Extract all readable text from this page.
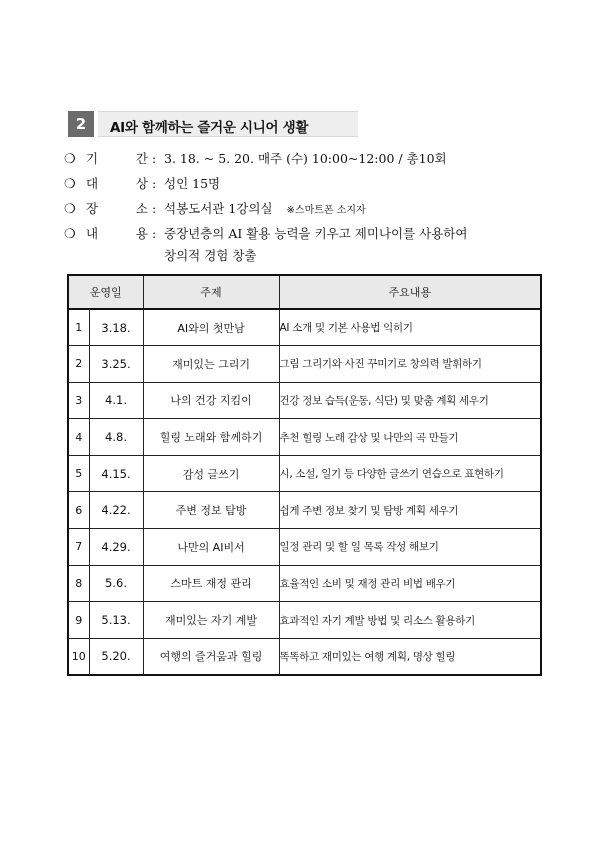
2	AI와 함께하는 즐거운 시니어 생활
❍ 기	간 : 3. 18. ~ 5. 20. 매주 (수) 10:00~12:00 / 총10회
❍ 대	상 : 성인 15명
❍ 장	소 : 석봉도서관 1강의실 ※스마트폰 소지자
❍ 내	용 : 중장년층의 AI 활용 능력을 키우고 제미나이를 사용하여
창의적 경험 창출
운영일		주제	주요내용
1	3.18.	AI와의 첫만남	AI 소개 및 기본 사용법 익히기
2	3.25.	재미있는 그리기	그림 그리기와 사진 꾸미기로 창의력 발휘하기
3	4.1.	나의 건강 지킴이	건강 정보 습득(운동, 식단) 및 맞춤 계획 세우기
4	4.8.	힐링 노래와 함께하기	추천 힐링 노래 감상 및 나만의 곡 만들기
5	4.15.	감성 글쓰기	시, 소설, 일기 등 다양한 글쓰기 연습으로 표현하기
6	4.22.	주변 정보 탐방	쉽게 주변 정보 찾기 및 탐방 계획 세우기
7	4.29.	나만의 AI비서	일정 관리 및 할 일 목록 작성 해보기
8	5.6.	스마트 재정 관리	효율적인 소비 및 재정 관리 비법 배우기
9	5.13.	재미있는 자기 계발	효과적인 자기 계발 방법 및 리소스 활용하기
10	5.20.	여행의 즐거움과 힐링	똑똑하고 재미있는 여행 계획, 명상 힐링
